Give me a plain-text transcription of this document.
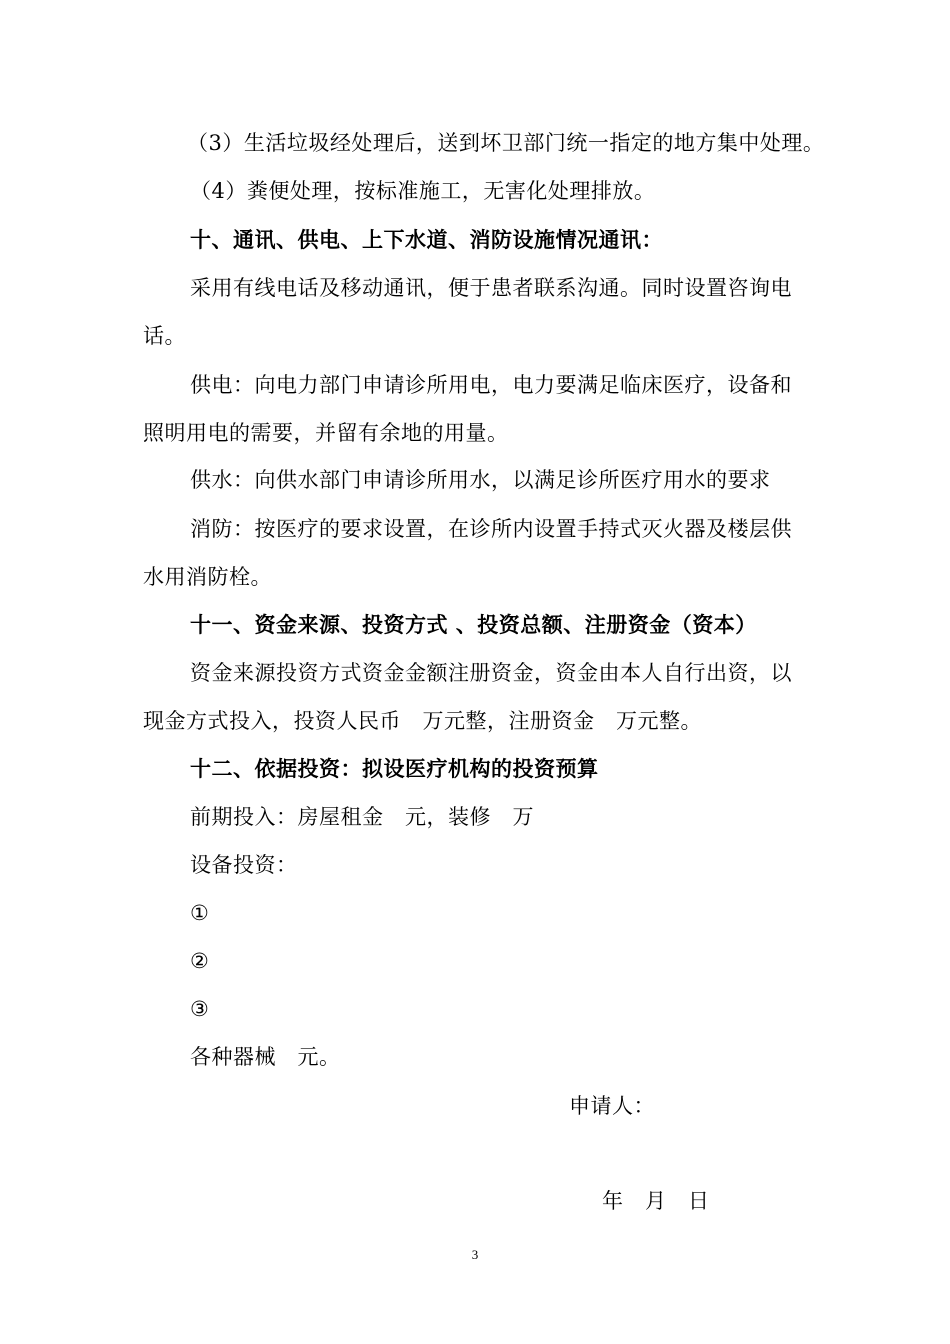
（3）生活垃圾经处理后，送到坏卫部门统一指定的地方集中处理。
（4）粪便处理，按标准施工，无害化处理排放。
十、通讯、供电、上下水道、消防设施情况通讯：
采用有线电话及移动通讯，便于患者联系沟通。同时设置咨询电
话。
供电：向电力部门申请诊所用电，电力要满足临床医疗，设备和
照明用电的需要，并留有余地的用量。
供水：向供水部门申请诊所用水，以满足诊所医疗用水的要求
消防：按医疗的要求设置，在诊所内设置手持式灭火器及楼层供
水用消防栓。
十一、资金来源、投资方式 、投资总额、注册资金（资本）
资金来源投资方式资金金额注册资金，资金由本人自行出资，以
现金方式投入，投资人民币　万元整，注册资金　万元整。
十二、依据投资：拟设医疗机构的投资预算
前期投入：房屋租金　元，装修　万
设备投资：
①
②
③
各种器械　元。
申请人：
年　月　日
3
